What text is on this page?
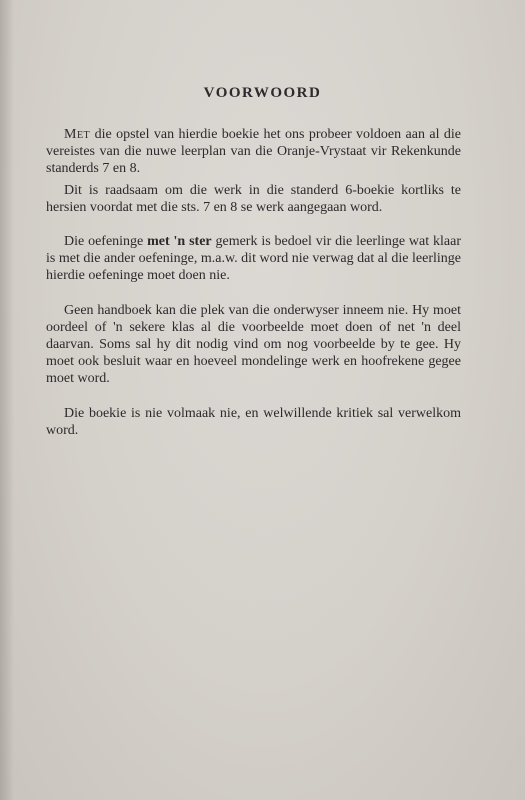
VOORWOORD

Met die opstel van hierdie boekie het ons probeer voldoen aan al die vereistes van die nuwe leerplan van die Oranje-Vrystaat vir Rekenkunde standerds 7 en 8.

Dit is raadsaam om die werk in die standerd 6-boekie kortliks te hersien voordat met die sts. 7 en 8 se werk aangegaan word.

Die oefeninge met 'n ster gemerk is bedoel vir die leerlinge wat klaar is met die ander oefeninge, m.a.w. dit word nie verwag dat al die leerlinge hierdie oefeninge moet doen nie.

Geen handboek kan die plek van die onderwyser inneem nie. Hy moet oordeel of 'n sekere klas al die voorbeelde moet doen of net 'n deel daarvan. Soms sal hy dit nodig vind om nog voorbeelde by te gee. Hy moet ook besluit waar en hoeveel mondelinge werk en hoofrekene gegee moet word.

Die boekie is nie volmaak nie, en welwillende kritiek sal verwelkom word.
